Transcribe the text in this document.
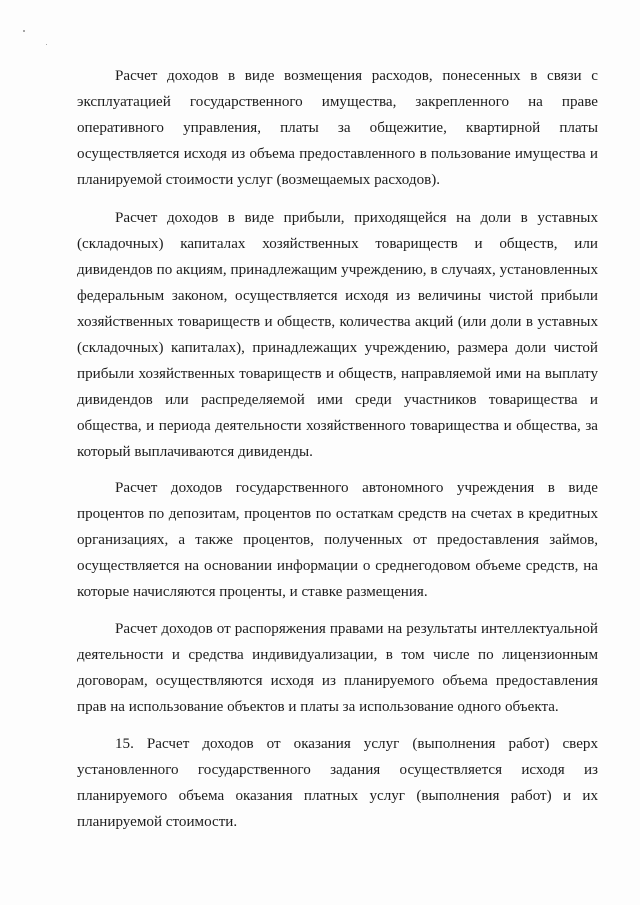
Расчет доходов в виде возмещения расходов, понесенных в связи с эксплуатацией государственного имущества, закрепленного на праве оперативного управления, платы за общежитие, квартирной платы осуществляется исходя из объема предоставленного в пользование имущества и планируемой стоимости услуг (возмещаемых расходов).

Расчет доходов в виде прибыли, приходящейся на доли в уставных (складочных) капиталах хозяйственных товариществ и обществ, или дивидендов по акциям, принадлежащим учреждению, в случаях, установленных федеральным законом, осуществляется исходя из величины чистой прибыли хозяйственных товариществ и обществ, количества акций (или доли в уставных (складочных) капиталах), принадлежащих учреждению, размера доли чистой прибыли хозяйственных товариществ и обществ, направляемой ими на выплату дивидендов или распределяемой ими среди участников товарищества и общества, и периода деятельности хозяйственного товарищества и общества, за который выплачиваются дивиденды.

Расчет доходов государственного автономного учреждения в виде процентов по депозитам, процентов по остаткам средств на счетах в кредитных организациях, а также процентов, полученных от предоставления займов, осуществляется на основании информации о среднегодовом объеме средств, на которые начисляются проценты, и ставке размещения.

Расчет доходов от распоряжения правами на результаты интеллектуальной деятельности и средства индивидуализации, в том числе по лицензионным договорам, осуществляются исходя из планируемого объема предоставления прав на использование объектов и платы за использование одного объекта.

15. Расчет доходов от оказания услуг (выполнения работ) сверх установленного государственного задания осуществляется исходя из планируемого объема оказания платных услуг (выполнения работ) и их планируемой стоимости.
